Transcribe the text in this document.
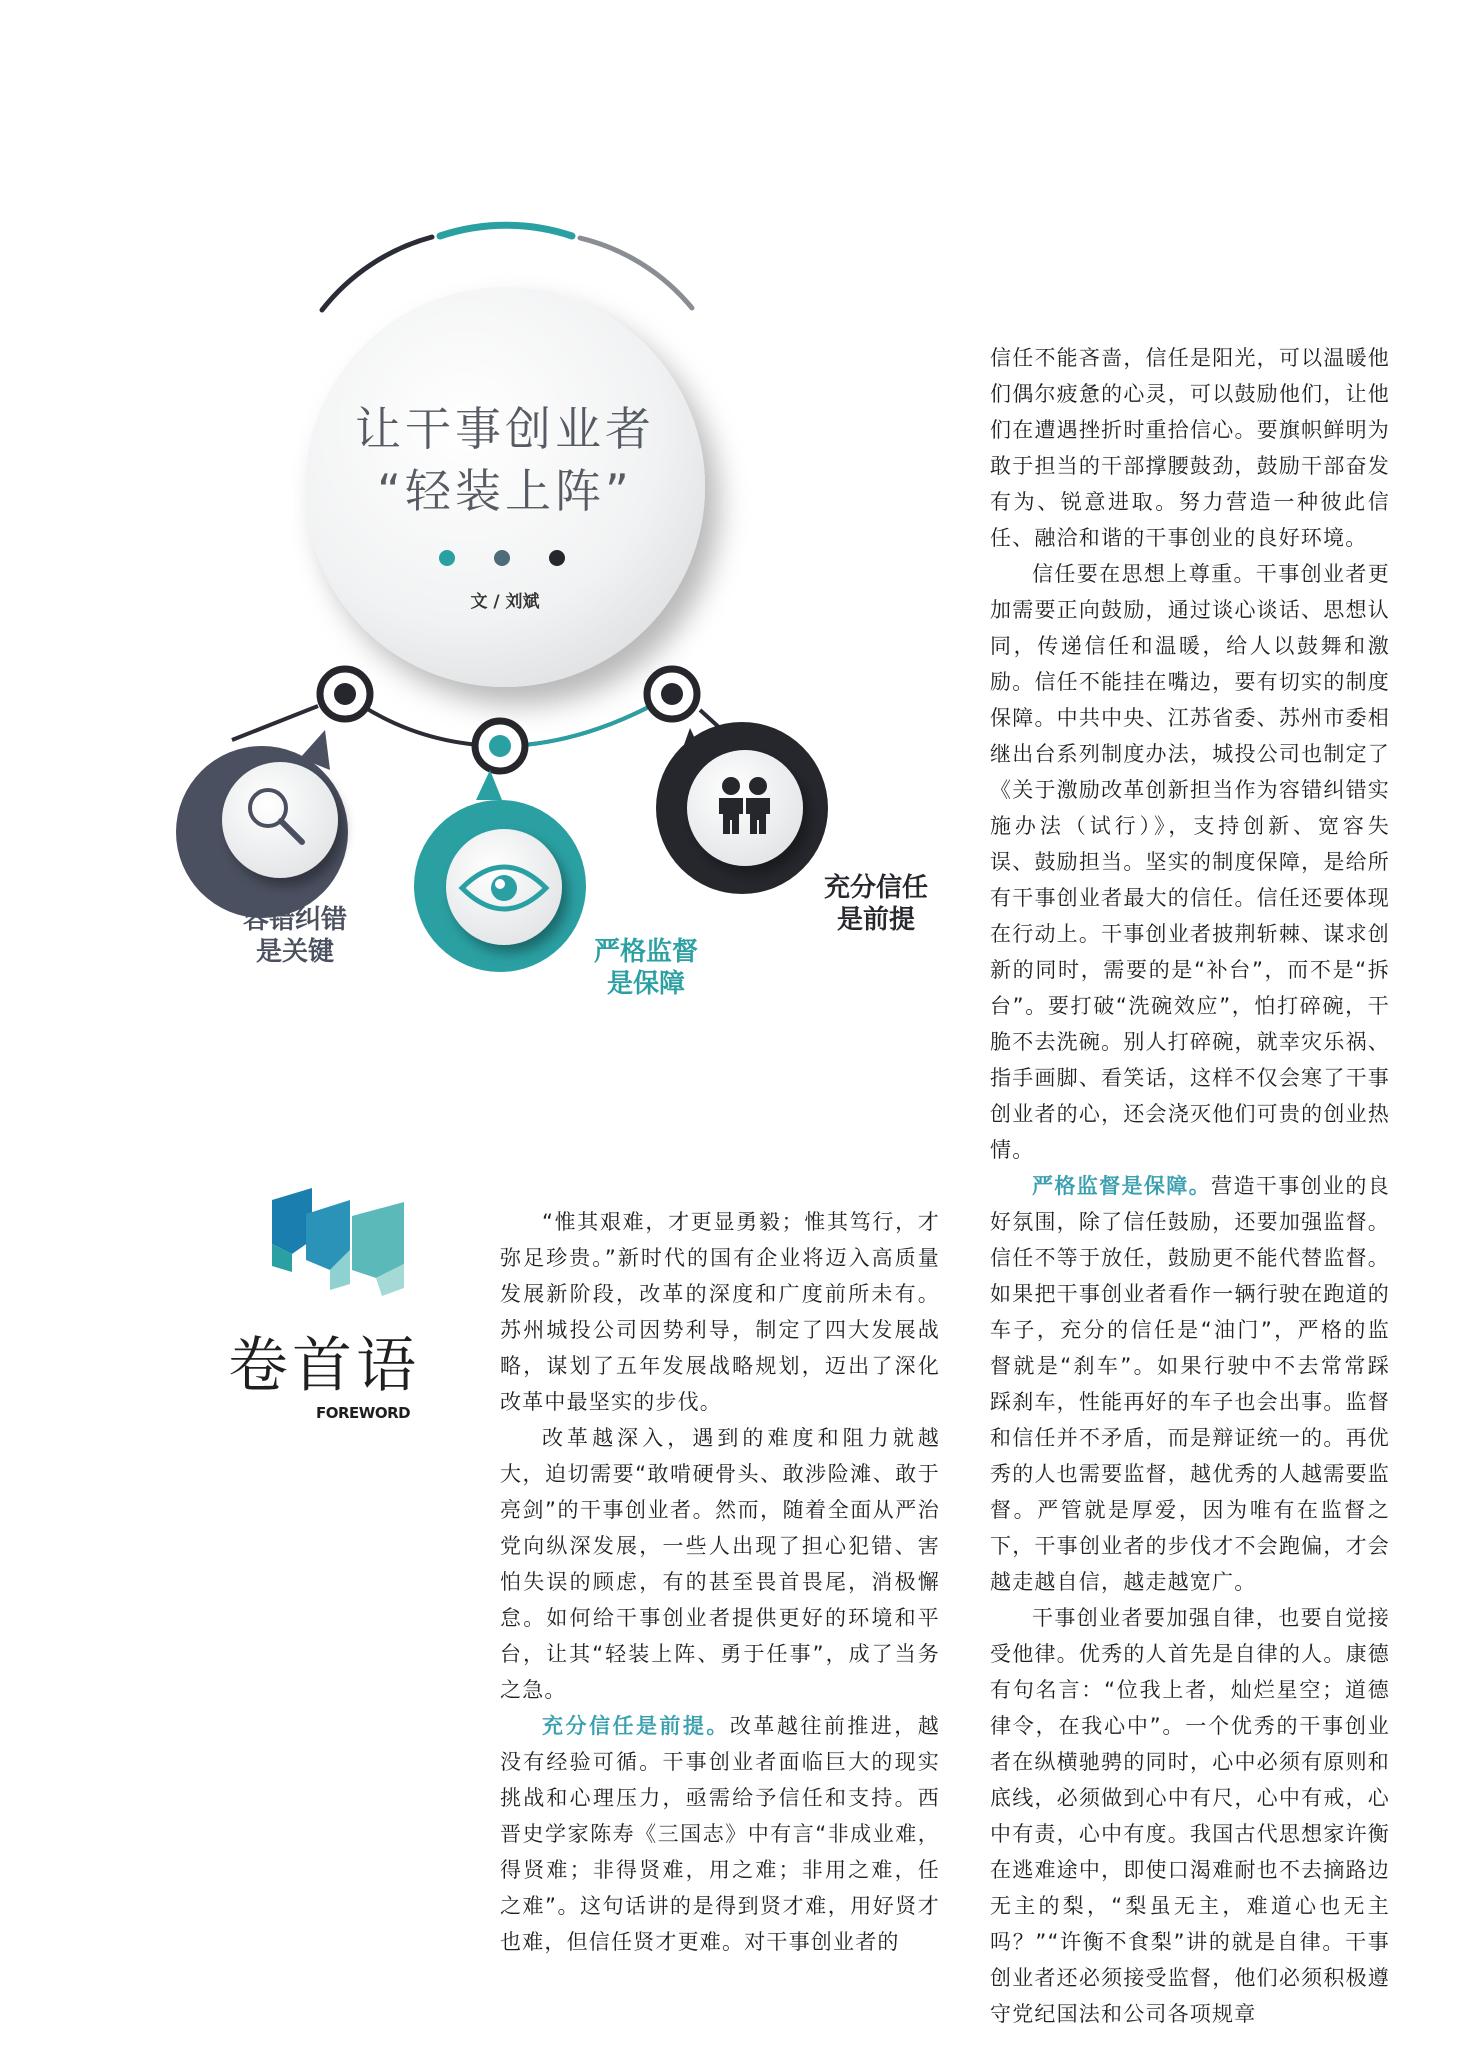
让干事创业者
“轻装上阵”
文 / 刘斌
容错纠错
是关键	严格监督
是保障
充分信任
是前提
卷首语
FOREWORD

“惟其艰难，才更显勇毅；惟其笃行，才弥足珍贵。”新时代的国有企业将迈入高质量发展新阶段，改革的深度和广度前所未有。苏州城投公司因势利导，制定了四大发展战略，谋划了五年发展战略规划，迈出了深化改革中最坚实的步伐。

改革越深入，遇到的难度和阻力就越大，迫切需要“敢啃硬骨头、敢涉险滩、敢于亮剑”的干事创业者。然而，随着全面从严治党向纵深发展，一些人出现了担心犯错、害怕失误的顾虑，有的甚至畏首畏尾，消极懈怠。如何给干事创业者提供更好的环境和平台，让其“轻装上阵、勇于任事”，成了当务之急。

充分信任是前提。改革越往前推进，越没有经验可循。干事创业者面临巨大的现实挑战和心理压力，亟需给予信任和支持。西晋史学家陈寿《三国志》中有言“非成业难，得贤难；非得贤难，用之难；非用之难，任之难”。这句话讲的是得到贤才难，用好贤才也难，但信任贤才更难。对干事创业者的

信任不能吝啬，信任是阳光，可以温暖他们偶尔疲惫的心灵，可以鼓励他们，让他们在遭遇挫折时重拾信心。要旗帜鲜明为敢于担当的干部撑腰鼓劲，鼓励干部奋发有为、锐意进取。努力营造一种彼此信任、融洽和谐的干事创业的良好环境。

信任要在思想上尊重。干事创业者更加需要正向鼓励，通过谈心谈话、思想认同，传递信任和温暖，给人以鼓舞和激励。信任不能挂在嘴边，要有切实的制度保障。中共中央、江苏省委、苏州市委相继出台系列制度办法，城投公司也制定了《关于激励改革创新担当作为容错纠错实施办法（试行）》，支持创新、宽容失误、鼓励担当。坚实的制度保障，是给所有干事创业者最大的信任。信任还要体现在行动上。干事创业者披荆斩棘、谋求创新的同时，需要的是“补台”，而不是“拆台”。要打破“洗碗效应”，怕打碎碗，干脆不去洗碗。别人打碎碗，就幸灾乐祸、指手画脚、看笑话，这样不仅会寒了干事创业者的心，还会浇灭他们可贵的创业热情。

严格监督是保障。营造干事创业的良好氛围，除了信任鼓励，还要加强监督。信任不等于放任，鼓励更不能代替监督。如果把干事创业者看作一辆行驶在跑道的车子，充分的信任是“油门”，严格的监督就是“刹车”。如果行驶中不去常常踩踩刹车，性能再好的车子也会出事。监督和信任并不矛盾，而是辩证统一的。再优秀的人也需要监督，越优秀的人越需要监督。严管就是厚爱，因为唯有在监督之下，干事创业者的步伐才不会跑偏，才会越走越自信，越走越宽广。

干事创业者要加强自律，也要自觉接受他律。优秀的人首先是自律的人。康德有句名言：“位我上者，灿烂星空；道德律令，在我心中”。一个优秀的干事创业者在纵横驰骋的同时，心中必须有原则和底线，必须做到心中有尺，心中有戒，心中有责，心中有度。我国古代思想家许衡在逃难途中，即使口渴难耐也不去摘路边无主的梨，“梨虽无主，难道心也无主吗？”“许衡不食梨”讲的就是自律。干事创业者还必须接受监督，他们必须积极遵守党纪国法和公司各项规章
